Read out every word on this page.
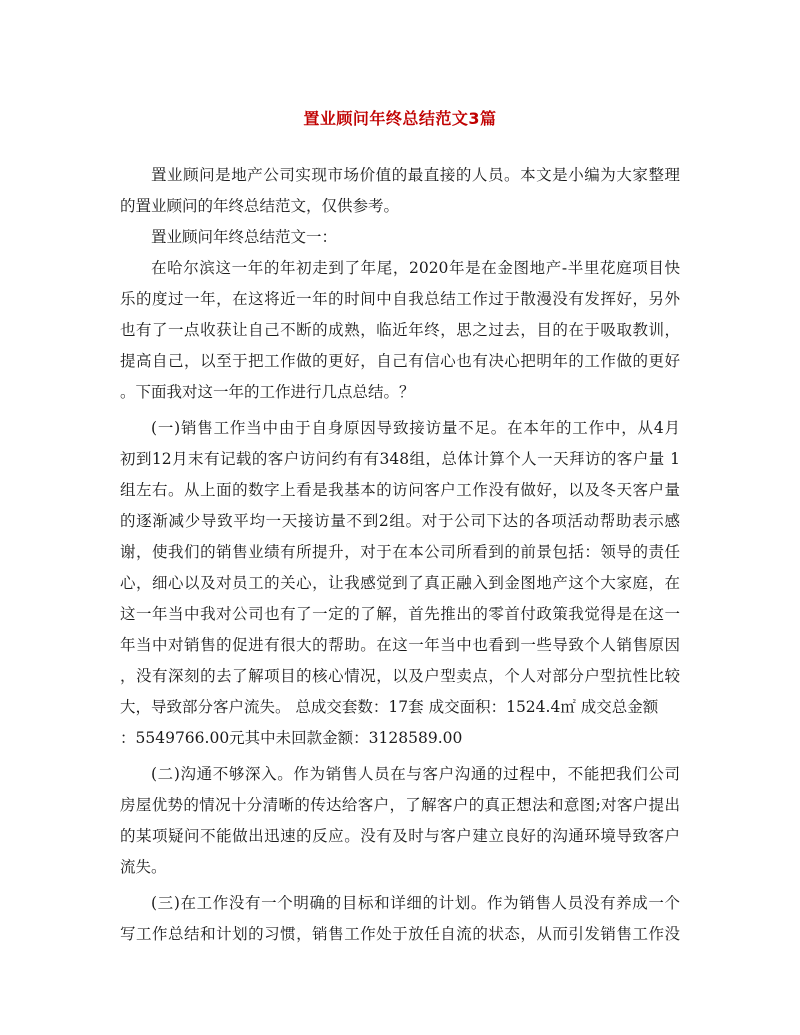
置业顾问年终总结范文3篇
置业顾问是地产公司实现市场价值的最直接的人员。本文是小编为大家整理
的置业顾问的年终总结范文，仅供参考。
置业顾问年终总结范文一：
在哈尔滨这一年的年初走到了年尾，2020年是在金图地产-半里花庭项目快
乐的度过一年，在这将近一年的时间中自我总结工作过于散漫没有发挥好，另外
也有了一点收获让自己不断的成熟，临近年终，思之过去，目的在于吸取教训，
提高自己，以至于把工作做的更好，自己有信心也有决心把明年的工作做的更好
。下面我对这一年的工作进行几点总结。？
(一)销售工作当中由于自身原因导致接访量不足。在本年的工作中，从4月
初到12月末有记载的客户访问约有有348组，总体计算个人一天拜访的客户量 1
组左右。从上面的数字上看是我基本的访问客户工作没有做好，以及冬天客户量
的逐渐减少导致平均一天接访量不到2组。对于公司下达的各项活动帮助表示感
谢，使我们的销售业绩有所提升，对于在本公司所看到的前景包括：领导的责任
心，细心以及对员工的关心，让我感觉到了真正融入到金图地产这个大家庭，在
这一年当中我对公司也有了一定的了解，首先推出的零首付政策我觉得是在这一
年当中对销售的促进有很大的帮助。在这一年当中也看到一些导致个人销售原因
，没有深刻的去了解项目的核心情况，以及户型卖点，个人对部分户型抗性比较
大，导致部分客户流失。 总成交套数：17套 成交面积：1524.4㎡ 成交总金额
：5549766.00元其中未回款金额：3128589.00
(二)沟通不够深入。作为销售人员在与客户沟通的过程中，不能把我们公司
房屋优势的情况十分清晰的传达给客户，了解客户的真正想法和意图;对客户提出
的某项疑问不能做出迅速的反应。没有及时与客户建立良好的沟通环境导致客户
流失。
(三)在工作没有一个明确的目标和详细的计划。作为销售人员没有养成一个
写工作总结和计划的习惯，销售工作处于放任自流的状态，从而引发销售工作没
